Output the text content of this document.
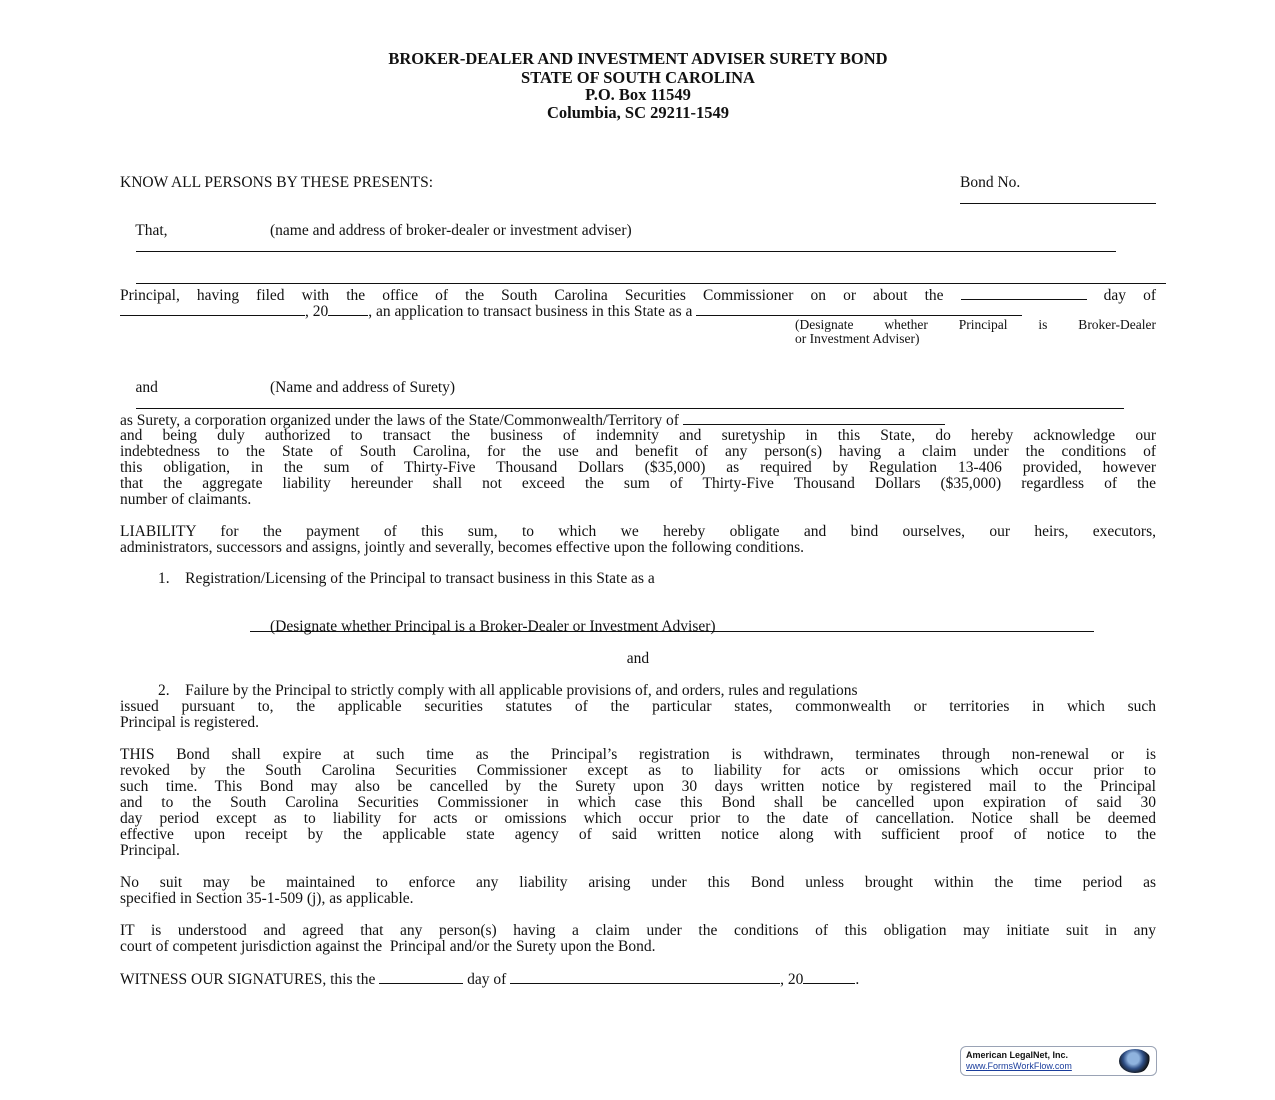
BROKER-DEALER AND INVESTMENT ADVISER SURETY BOND
STATE OF SOUTH CAROLINA
P.O. Box 11549
Columbia, SC 29211-1549

Bond No.

KNOW ALL PERSONS BY THESE PRESENTS:

That,

	(name and address of broker-dealer or investment adviser)

Principal, having filed with the office of the South Carolina Securities Commissioner on or about the	day of
, 20	, an application to transact business in this State as a
(Designate whether Principal is Broker-Dealer
or Investment Adviser)

and

	(Name and address of Surety)
as Surety, a corporation organized under the laws of the State/Commonwealth/Territory of
and being duly authorized to transact the business of indemnity and suretyship in this State, do hereby acknowledge our
indebtedness to the State of South Carolina, for the use and benefit of any person(s) having a claim under the conditions of
this obligation, in the sum of Thirty-Five Thousand Dollars ($35,000) as required by Regulation 13-406 provided, however
that the aggregate liability hereunder shall not exceed the sum of Thirty-Five Thousand Dollars ($35,000) regardless of the
number of claimants.
LIABILITY for the payment of this sum, to which we hereby obligate and bind ourselves, our heirs, executors,
administrators, successors and assigns, jointly and severally, becomes effective upon the following conditions.
1. Registration/Licensing of the Principal to transact business in this State as a

(Designate whether Principal is a Broker-Dealer or Investment Adviser)
and
2. Failure by the Principal to strictly comply with all applicable provisions of, and orders, rules and regulations
issued pursuant to, the applicable securities statutes of the particular states, commonwealth or territories in which such
Principal is registered.
THIS Bond shall expire at such time as the Principal’s registration is withdrawn, terminates through non-renewal or is
revoked by the South Carolina Securities Commissioner except as to liability for acts or omissions which occur prior to
such time. This Bond may also be cancelled by the Surety upon 30 days written notice by registered mail to the Principal
and to the South Carolina Securities Commissioner in which case this Bond shall be cancelled upon expiration of said 30
day period except as to liability for acts or omissions which occur prior to the date of cancellation. Notice shall be deemed
effective upon receipt by the applicable state agency of said written notice along with sufficient proof of notice to the
Principal.
No suit may be maintained to enforce any liability arising under this Bond unless brought within the time period as
specified in Section 35-1-509 (j), as applicable.
IT is understood and agreed that any person(s) having a claim under the conditions of this obligation may initiate suit in any
court of competent jurisdiction against the  Principal and/or the Surety upon the Bond.
WITNESS OUR SIGNATURES, this the	day of	, 20	.
American LegalNet, Inc.
www.FormsWorkFlow.com
